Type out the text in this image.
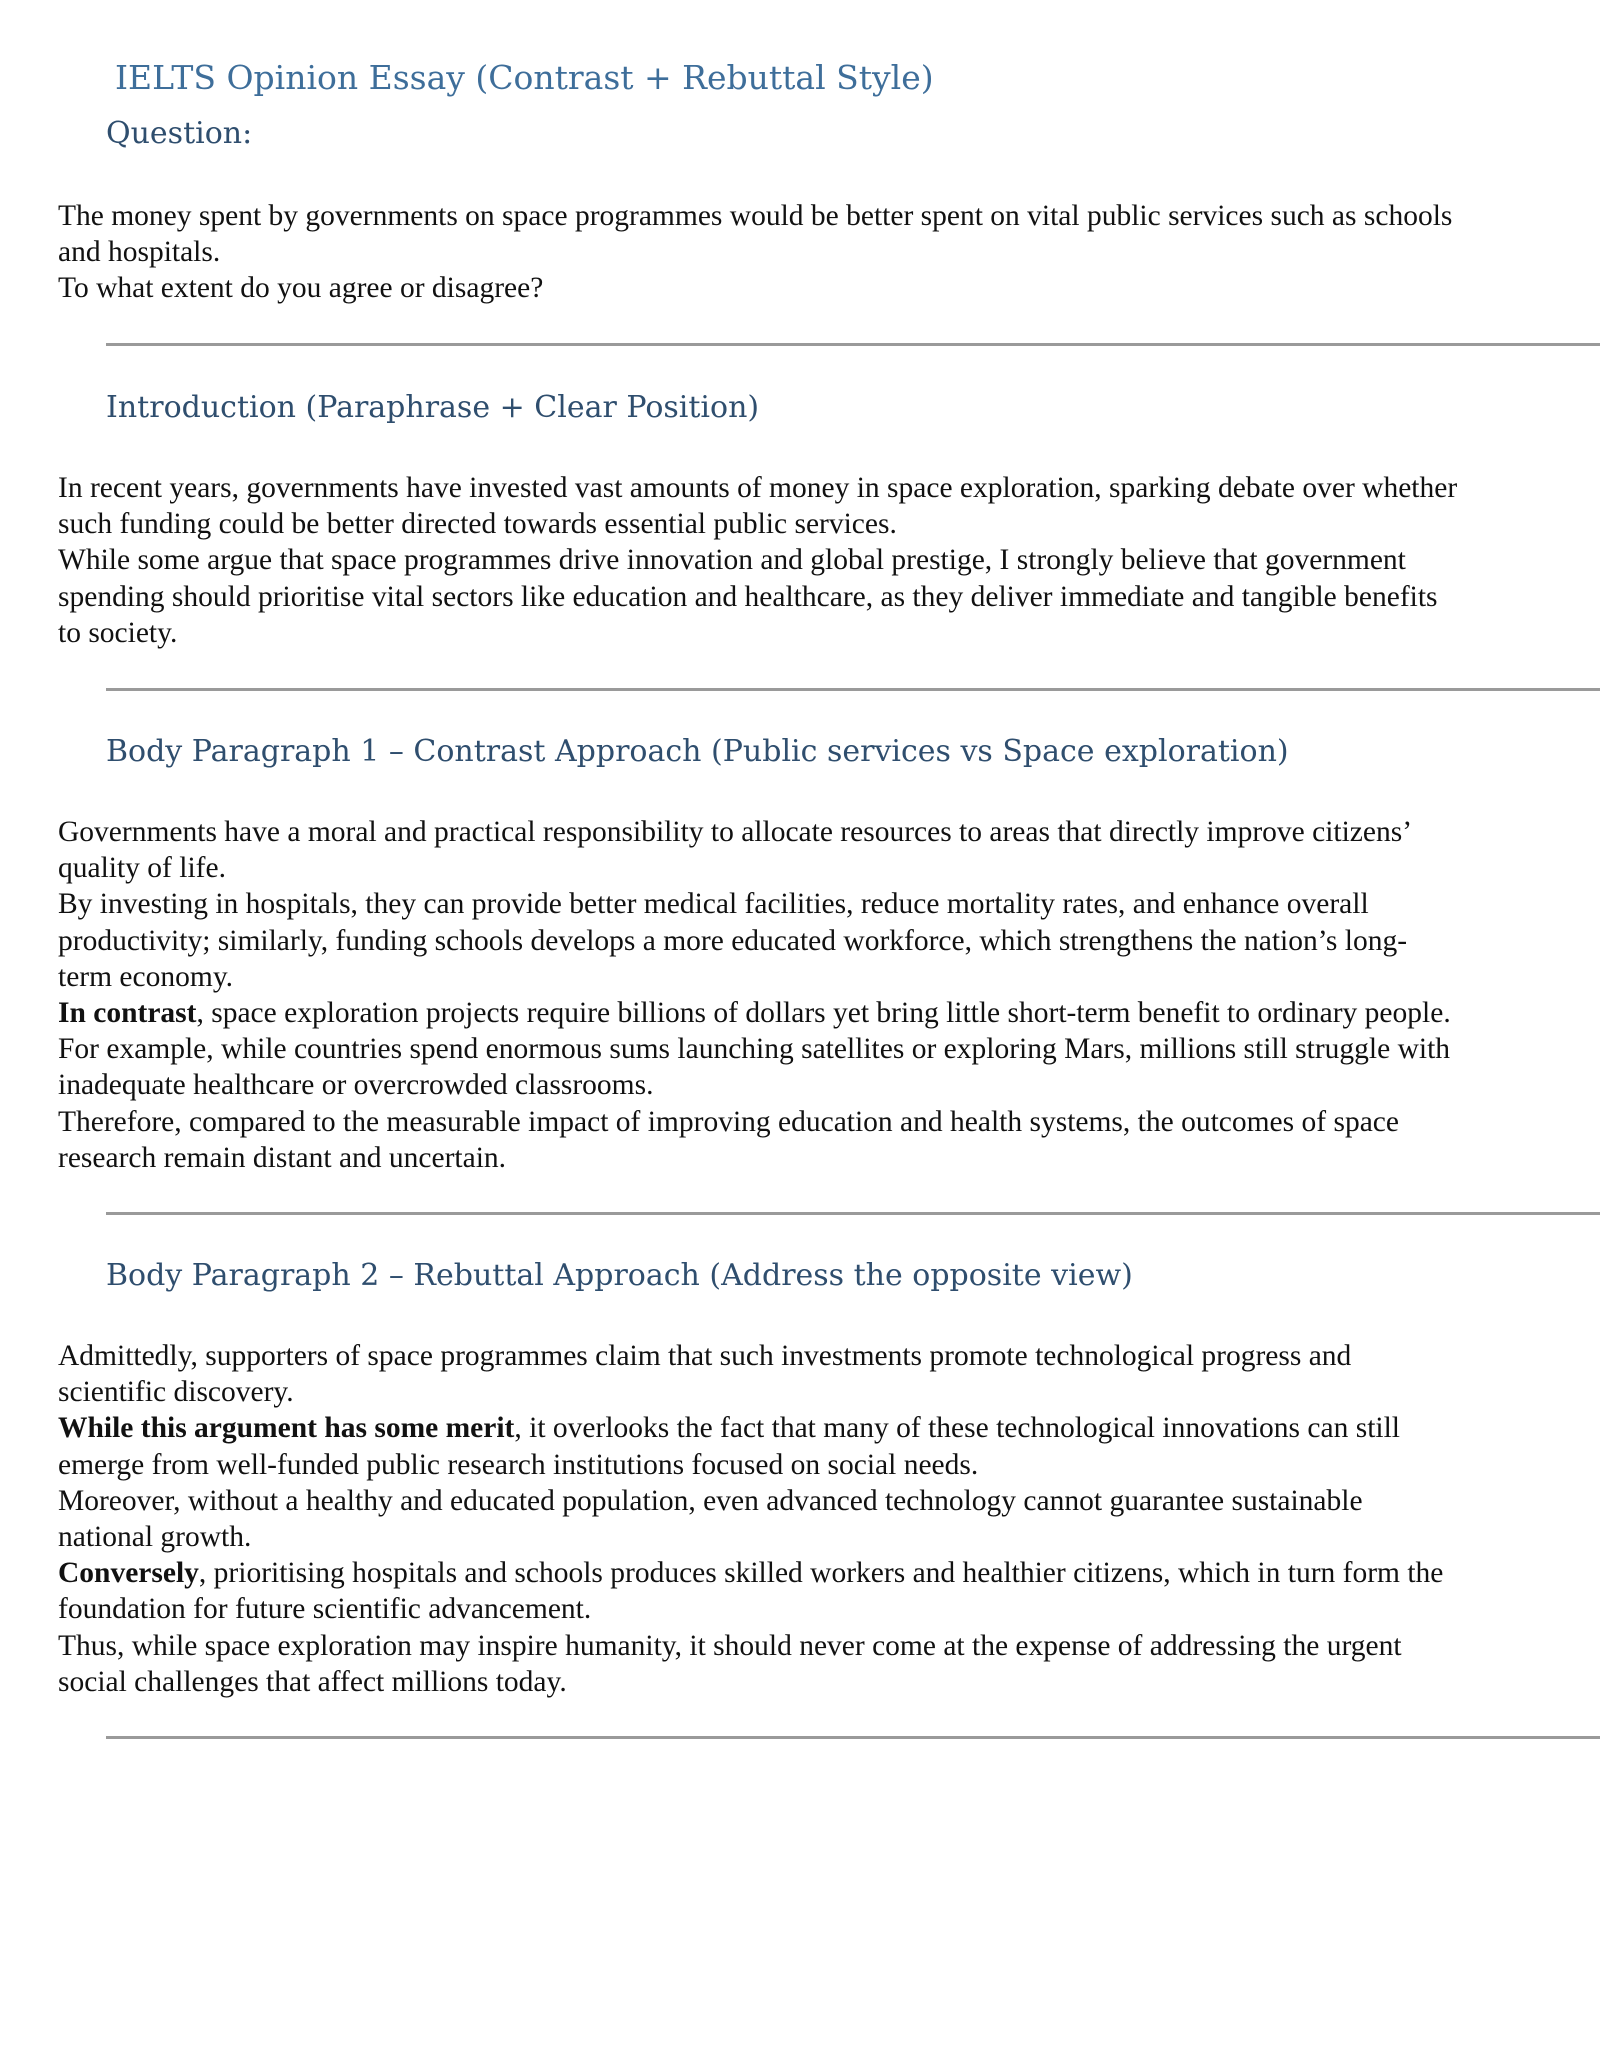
IELTS Opinion Essay (Contrast + Rebuttal Style)
Question:

The money spent by governments on space programmes would be better spent on vital public services such as schools
and hospitals.
To what extent do you agree or disagree?

Introduction (Paraphrase + Clear Position)

In recent years, governments have invested vast amounts of money in space exploration, sparking debate over whether
such funding could be better directed towards essential public services.
While some argue that space programmes drive innovation and global prestige, I strongly believe that government
spending should prioritise vital sectors like education and healthcare, as they deliver immediate and tangible benefits
to society.

Body Paragraph 1 – Contrast Approach (Public services vs Space exploration)

Governments have a moral and practical responsibility to allocate resources to areas that directly improve citizens’
quality of life.
By investing in hospitals, they can provide better medical facilities, reduce mortality rates, and enhance overall
productivity; similarly, funding schools develops a more educated workforce, which strengthens the nation’s long-
term economy.
In contrast, space exploration projects require billions of dollars yet bring little short-term benefit to ordinary people.
For example, while countries spend enormous sums launching satellites or exploring Mars, millions still struggle with
inadequate healthcare or overcrowded classrooms.
Therefore, compared to the measurable impact of improving education and health systems, the outcomes of space
research remain distant and uncertain.

Body Paragraph 2 – Rebuttal Approach (Address the opposite view)

Admittedly, supporters of space programmes claim that such investments promote technological progress and
scientific discovery.
While this argument has some merit, it overlooks the fact that many of these technological innovations can still
emerge from well-funded public research institutions focused on social needs.
Moreover, without a healthy and educated population, even advanced technology cannot guarantee sustainable
national growth.
Conversely, prioritising hospitals and schools produces skilled workers and healthier citizens, which in turn form the
foundation for future scientific advancement.
Thus, while space exploration may inspire humanity, it should never come at the expense of addressing the urgent
social challenges that affect millions today.
